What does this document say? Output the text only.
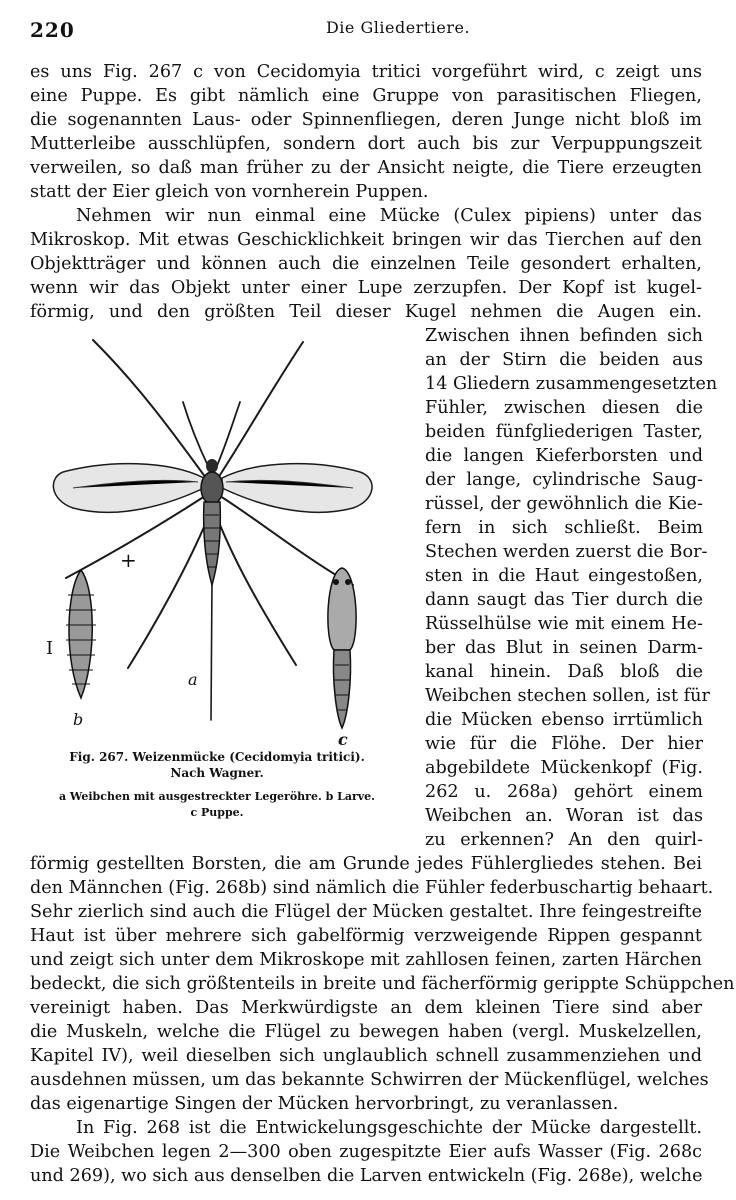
220	Die Gliedertiere.
es uns Fig. 267 c von Cecidomyia tritici vorgeführt wird, c zeigt uns
eine Puppe. Es gibt nämlich eine Gruppe von parasitischen Fliegen,
die sogenannten Laus- oder Spinnenfliegen, deren Junge nicht bloß im
Mutterleibe ausschlüpfen, sondern dort auch bis zur Verpuppungszeit
verweilen, so daß man früher zu der Ansicht neigte, die Tiere erzeugten
statt der Eier gleich von vornherein Puppen.
Nehmen wir nun einmal eine Mücke (Culex pipiens) unter das
Mikroskop. Mit etwas Geschicklichkeit bringen wir das Tierchen auf den
Objektträger und können auch die einzelnen Teile gesondert erhalten,
wenn wir das Objekt unter einer Lupe zerzupfen. Der Kopf ist kugel-
förmig, und den größten Teil dieser Kugel nehmen die Augen ein.
a
b
c
+
I
Fig. 267. Weizenmücke (Cecidomyia tritici).
Nach Wagner.
a Weibchen mit ausgestreckter Legeröhre. b Larve.
c Puppe.
Zwischen ihnen befinden sich
an der Stirn die beiden aus
14 Gliedern zusammengesetzten
Fühler, zwischen diesen die
beiden fünfgliederigen Taster,
die langen Kieferborsten und
der lange, cylindrische Saug-
rüssel, der gewöhnlich die Kie-
fern in sich schließt. Beim
Stechen werden zuerst die Bor-
sten in die Haut eingestoßen,
dann saugt das Tier durch die
Rüsselhülse wie mit einem He-
ber das Blut in seinen Darm-
kanal hinein. Daß bloß die
Weibchen stechen sollen, ist für
die Mücken ebenso irrtümlich
wie für die Flöhe. Der hier
abgebildete Mückenkopf (Fig.
262 u. 268a) gehört einem
Weibchen an. Woran ist das
zu erkennen? An den quirl-
förmig gestellten Borsten, die am Grunde jedes Fühlergliedes stehen. Bei
den Männchen (Fig. 268b) sind nämlich die Fühler federbuschartig behaart.
Sehr zierlich sind auch die Flügel der Mücken gestaltet. Ihre feingestreifte
Haut ist über mehrere sich gabelförmig verzweigende Rippen gespannt
und zeigt sich unter dem Mikroskope mit zahllosen feinen, zarten Härchen
bedeckt, die sich größtenteils in breite und fächerförmig gerippte Schüppchen
vereinigt haben. Das Merkwürdigste an dem kleinen Tiere sind aber
die Muskeln, welche die Flügel zu bewegen haben (vergl. Muskelzellen,
Kapitel IV), weil dieselben sich unglaublich schnell zusammenziehen und
ausdehnen müssen, um das bekannte Schwirren der Mückenflügel, welches
das eigenartige Singen der Mücken hervorbringt, zu veranlassen.
In Fig. 268 ist die Entwickelungsgeschichte der Mücke dargestellt.
Die Weibchen legen 2—300 oben zugespitzte Eier aufs Wasser (Fig. 268c
und 269), wo sich aus denselben die Larven entwickeln (Fig. 268e), welche
